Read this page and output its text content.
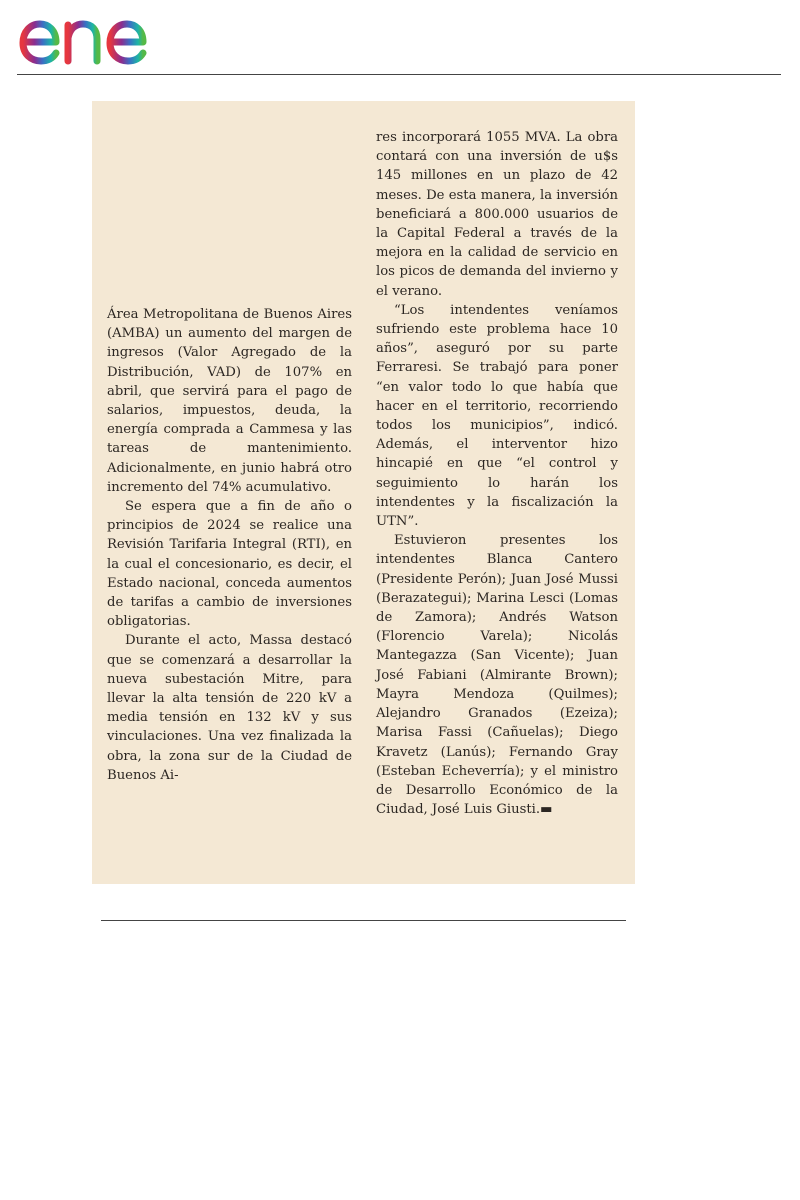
Área Metropolitana de Buenos Aires (AMBA) un aumento del margen de ingresos (Valor Agregado de la Distribución, VAD) de 107% en abril, que servirá para el pago de salarios, impuestos, deuda, la energía comprada a Cammesa y las tareas de mantenimiento. Adicionalmente, en junio habrá otro incremento del 74% acumulativo.

Se espera que a fin de año o principios de 2024 se realice una Revisión Tarifaria Integral (RTI), en la cual el concesionario, es decir, el Estado nacional, conceda aumentos de tarifas a cambio de inversiones obligatorias.

Durante el acto, Massa destacó que se comenzará a desarrollar la nueva subestación Mitre, para llevar la alta tensión de 220 kV a media tensión en 132 kV y sus vinculaciones. Una vez finalizada la obra, la zona sur de la Ciudad de Buenos Ai-

res incorporará 1055 MVA. La obra contará con una inversión de u$s 145 millones en un plazo de 42 meses. De esta manera, la inversión beneficiará a 800.000 usuarios de la Capital Federal a través de la mejora en la calidad de servicio en los picos de demanda del invierno y el verano.

“Los intendentes veníamos sufriendo este problema hace 10 años”, aseguró por su parte Ferraresi. Se trabajó para poner “en valor todo lo que había que hacer en el territorio, recorriendo todos los municipios”, indicó. Además, el interventor hizo hincapié en que “el control y seguimiento lo harán los intendentes y la fiscalización la UTN”.

Estuvieron presentes los intendentes Blanca Cantero (Presidente Perón); Juan José Mussi (Berazategui); Marina Lesci (Lomas de Zamora); Andrés Watson (Florencio Varela); Nicolás Mantegazza (San Vicente); Juan José Fabiani (Almirante Brown); Mayra Mendoza (Quilmes); Alejandro Granados (Ezeiza); Marisa Fassi (Cañuelas); Diego Kravetz (Lanús); Fernando Gray (Esteban Echeverría); y el ministro de Desarrollo Económico de la Ciudad, José Luis Giusti.▬
